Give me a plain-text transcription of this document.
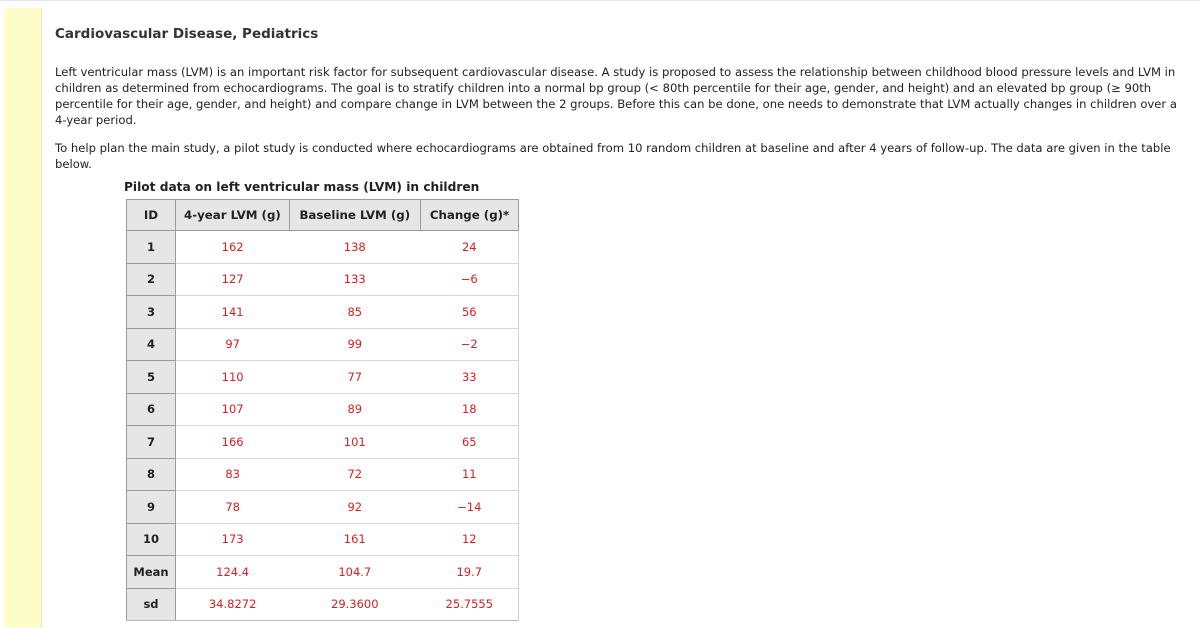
Cardiovascular Disease, Pediatrics

Left ventricular mass (LVM) is an important risk factor for subsequent cardiovascular disease. A study is proposed to assess the relationship between childhood blood pressure levels and LVM in children as determined from echocardiograms. The goal is to stratify children into a normal bp group (< 80th percentile for their age, gender, and height) and an elevated bp group (≥ 90th percentile for their age, gender, and height) and compare change in LVM between the 2 groups. Before this can be done, one needs to demonstrate that LVM actually changes in children over a 4-year period.

To help plan the main study, a pilot study is conducted where echocardiograms are obtained from 10 random children at baseline and after 4 years of follow-up. The data are given in the table below.

Pilot data on left ventricular mass (LVM) in children
ID	4-year LVM (g)	Baseline LVM (g)	Change (g)*
1	162	138	24
2	127	133	−6
3	141	85	56
4	97	99	−2
5	110	77	33
6	107	89	18
7	166	101	65
8	83	72	11
9	78	92	−14
10	173	161	12
Mean	124.4	104.7	19.7
sd	34.8272	29.3600	25.7555
